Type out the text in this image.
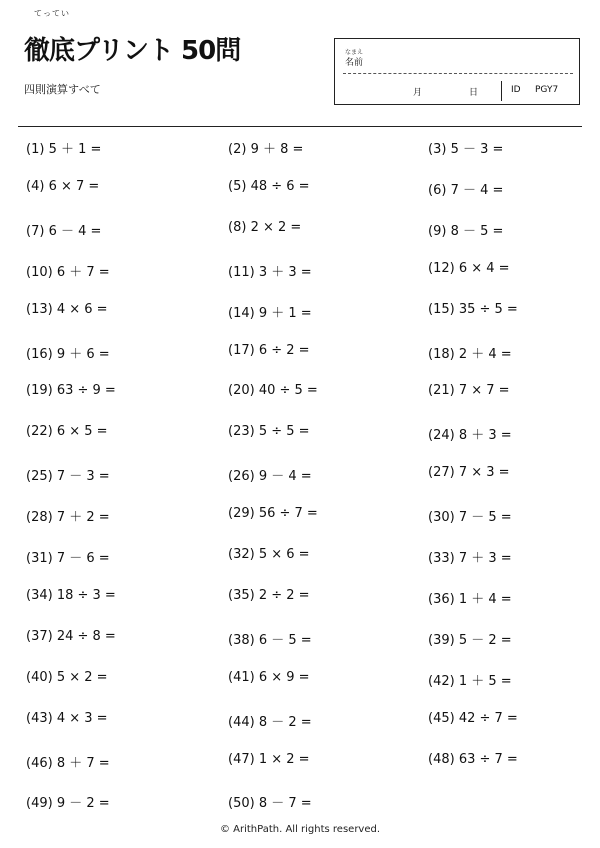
てってい
徹底プリント 50問
四則演算すべて
なまえ
名前
月	日	ID PGY7
(1) 5 ＋ 1 =	(2) 9 ＋ 8 =	(3) 5 － 3 =
(4) 6 × 7 =	(5) 48 ÷ 6 =	(6) 7 － 4 =
(7) 6 － 4 =	(8) 2 × 2 =	(9) 8 － 5 =
(10) 6 ＋ 7 =	(11) 3 ＋ 3 =	(12) 6 × 4 =
(13) 4 × 6 =	(14) 9 ＋ 1 =	(15) 35 ÷ 5 =
(16) 9 ＋ 6 =	(17) 6 ÷ 2 =	(18) 2 ＋ 4 =
(19) 63 ÷ 9 =	(20) 40 ÷ 5 =	(21) 7 × 7 =
(22) 6 × 5 =	(23) 5 ÷ 5 =	(24) 8 ＋ 3 =
(25) 7 － 3 =	(26) 9 － 4 =	(27) 7 × 3 =
(28) 7 ＋ 2 =	(29) 56 ÷ 7 =	(30) 7 － 5 =
(31) 7 － 6 =	(32) 5 × 6 =	(33) 7 ＋ 3 =
(34) 18 ÷ 3 =	(35) 2 ÷ 2 =	(36) 1 ＋ 4 =
(37) 24 ÷ 8 =	(38) 6 － 5 =	(39) 5 － 2 =
(40) 5 × 2 =	(41) 6 × 9 =	(42) 1 ＋ 5 =
(43) 4 × 3 =	(44) 8 － 2 =	(45) 42 ÷ 7 =
(46) 8 ＋ 7 =	(47) 1 × 2 =	(48) 63 ÷ 7 =
(49) 9 － 2 =	(50) 8 － 7 =
© ArithPath. All rights reserved.
